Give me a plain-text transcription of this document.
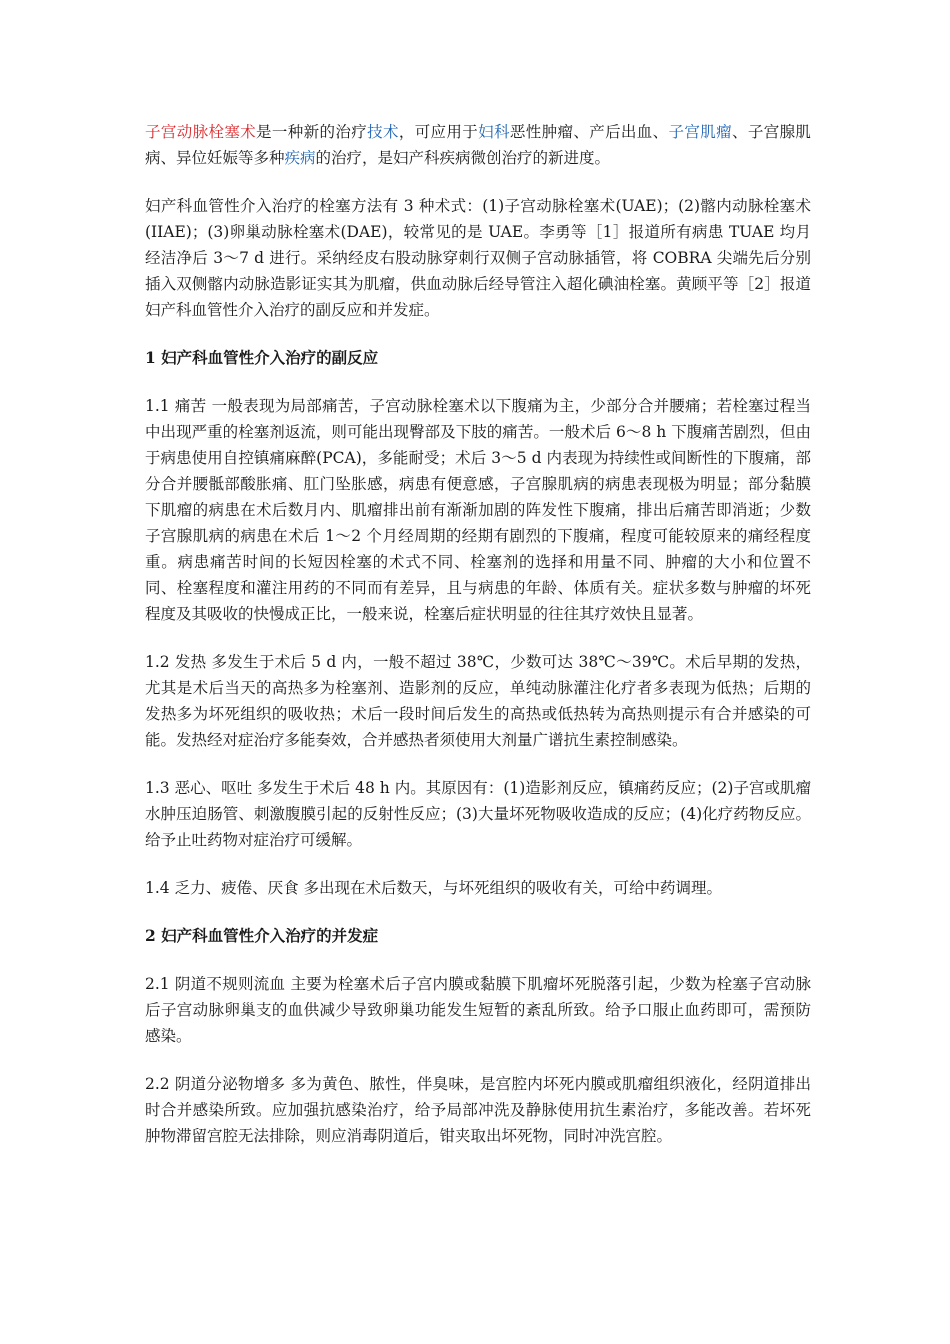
子宫动脉栓塞术是一种新的治疗技术，可应用于妇科恶性肿瘤、产后出血、子宫肌瘤、子宫腺肌病、异位妊娠等多种疾病的治疗，是妇产科疾病微创治疗的新进度。

妇产科血管性介入治疗的栓塞方法有 3 种术式：(1)子宫动脉栓塞术(UAE)；(2)髂内动脉栓塞术(IIAE)；(3)卵巢动脉栓塞术(DAE)，较常见的是 UAE。李勇等［1］报道所有病患 TUAE 均月经洁净后 3～7 d 进行。采纳经皮右股动脉穿刺行双侧子宫动脉插管，将 COBRA 尖端先后分别插入双侧髂内动脉造影证实其为肌瘤，供血动脉后经导管注入超化碘油栓塞。黄顾平等［2］报道妇产科血管性介入治疗的副反应和并发症。

1 妇产科血管性介入治疗的副反应

1.1 痛苦 一般表现为局部痛苦，子宫动脉栓塞术以下腹痛为主，少部分合并腰痛；若栓塞过程当中出现严重的栓塞剂返流，则可能出现臀部及下肢的痛苦。一般术后 6～8 h 下腹痛苦剧烈，但由于病患使用自控镇痛麻醉(PCA)，多能耐受；术后 3～5 d 内表现为持续性或间断性的下腹痛，部分合并腰骶部酸胀痛、肛门坠胀感，病患有便意感，子宫腺肌病的病患表现极为明显；部分黏膜下肌瘤的病患在术后数月内、肌瘤排出前有渐渐加剧的阵发性下腹痛，排出后痛苦即消逝；少数子宫腺肌病的病患在术后 1～2 个月经周期的经期有剧烈的下腹痛，程度可能较原来的痛经程度重。病患痛苦时间的长短因栓塞的术式不同、栓塞剂的选择和用量不同、肿瘤的大小和位置不同、栓塞程度和灌注用药的不同而有差异，且与病患的年龄、体质有关。症状多数与肿瘤的坏死程度及其吸收的快慢成正比，一般来说，栓塞后症状明显的往往其疗效快且显著。

1.2 发热 多发生于术后 5 d 内，一般不超过 38℃，少数可达 38℃～39℃。术后早期的发热，尤其是术后当天的高热多为栓塞剂、造影剂的反应，单纯动脉灌注化疗者多表现为低热；后期的发热多为坏死组织的吸收热；术后一段时间后发生的高热或低热转为高热则提示有合并感染的可能。发热经对症治疗多能奏效，合并感热者须使用大剂量广谱抗生素控制感染。

1.3 恶心、呕吐 多发生于术后 48 h 内。其原因有：(1)造影剂反应，镇痛药反应；(2)子宫或肌瘤水肿压迫肠管、刺激腹膜引起的反射性反应；(3)大量坏死物吸收造成的反应；(4)化疗药物反应。给予止吐药物对症治疗可缓解。

1.4 乏力、疲倦、厌食 多出现在术后数天，与坏死组织的吸收有关，可给中药调理。

2 妇产科血管性介入治疗的并发症

2.1 阴道不规则流血 主要为栓塞术后子宫内膜或黏膜下肌瘤坏死脱落引起，少数为栓塞子宫动脉后子宫动脉卵巢支的血供减少导致卵巢功能发生短暂的紊乱所致。给予口服止血药即可，需预防感染。

2.2 阴道分泌物增多 多为黄色、脓性，伴臭味，是宫腔内坏死内膜或肌瘤组织液化，经阴道排出时合并感染所致。应加强抗感染治疗，给予局部冲洗及静脉使用抗生素治疗，多能改善。若坏死肿物滞留宫腔无法排除，则应消毒阴道后，钳夹取出坏死物，同时冲洗宫腔。
